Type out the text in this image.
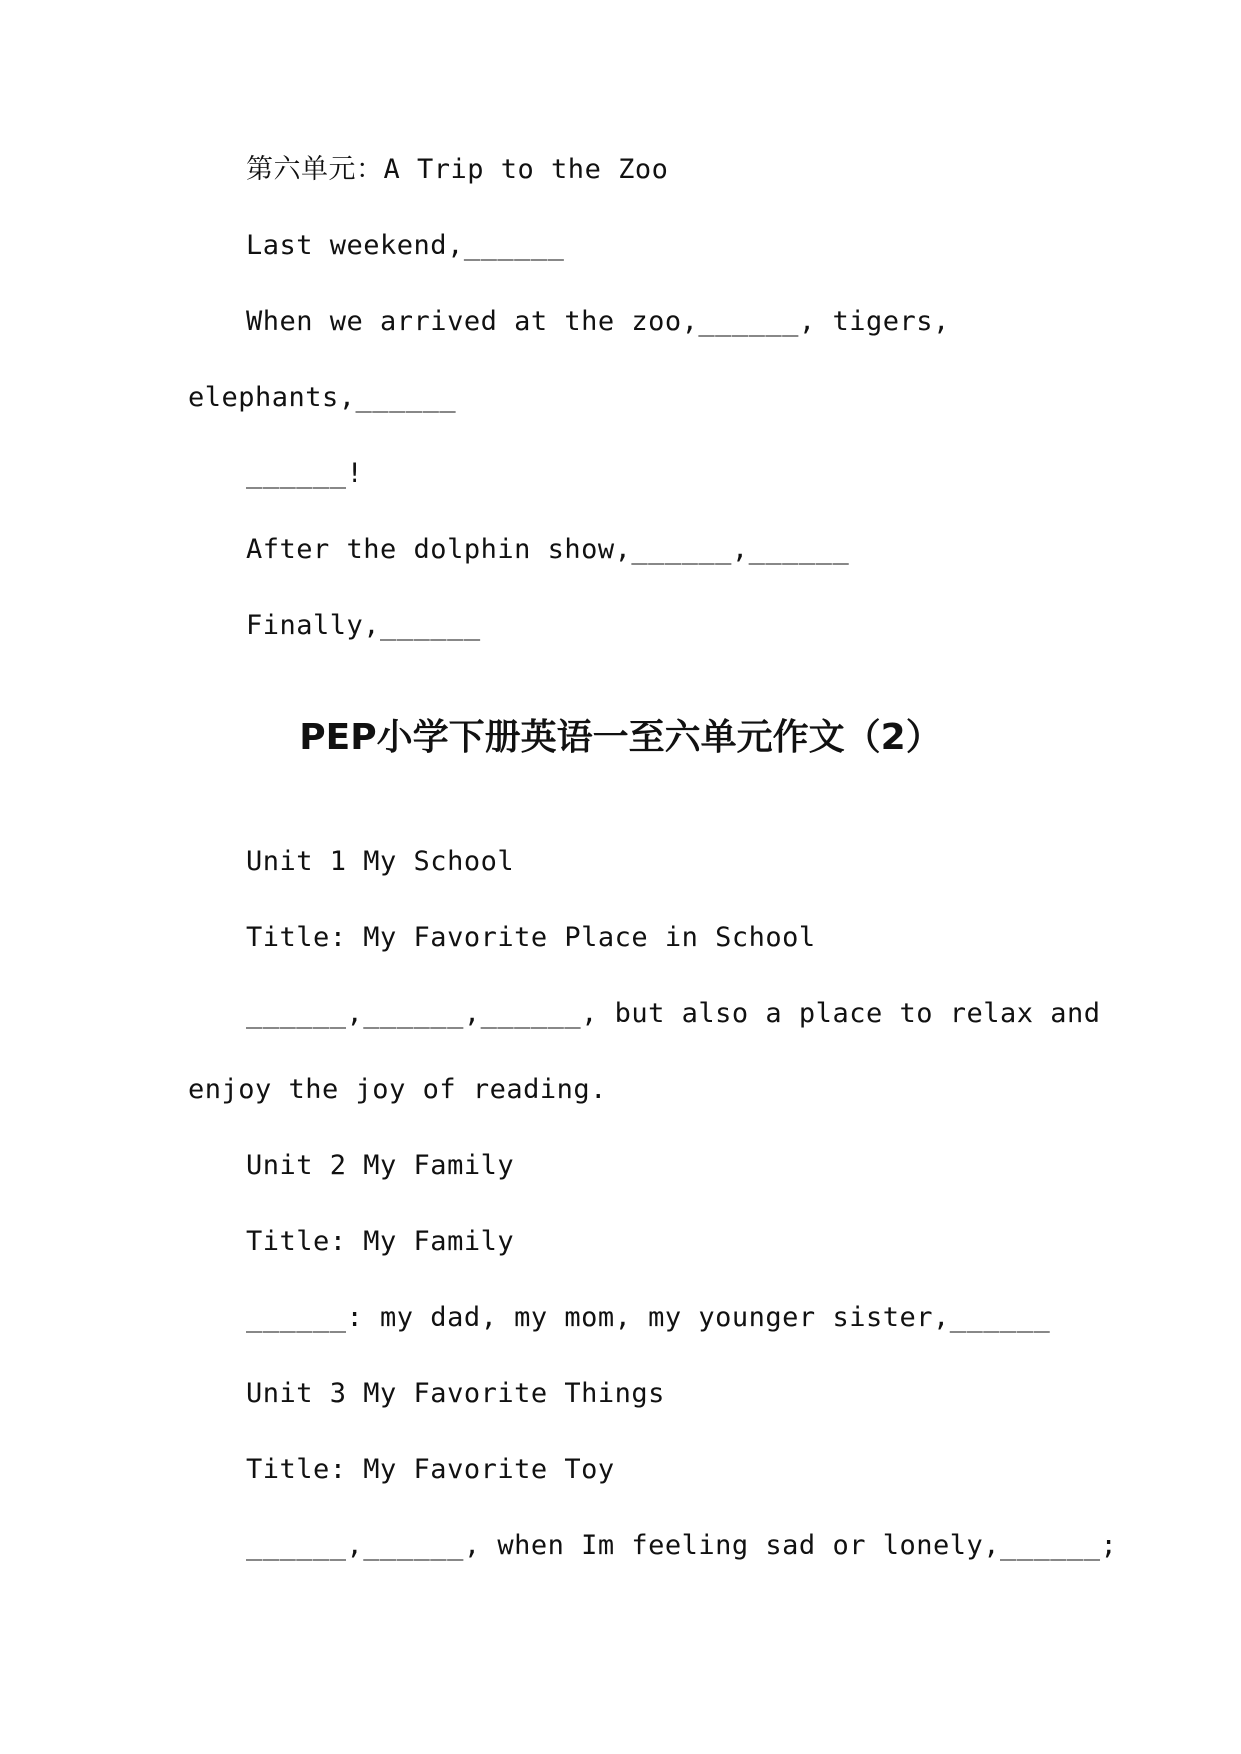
第六单元：A Trip to the Zoo
Last weekend,______
When we arrived at the zoo,______, tigers,
elephants,______
______!
After the dolphin show,______,______
Finally,______
PEP小学下册英语一至六单元作文（2）
Unit 1 My School
Title: My Favorite Place in School
______,______,______, but also a place to relax and
enjoy the joy of reading.
Unit 2 My Family
Title: My Family
______: my dad, my mom, my younger sister,______
Unit 3 My Favorite Things
Title: My Favorite Toy
______,______, when Im feeling sad or lonely,______;
